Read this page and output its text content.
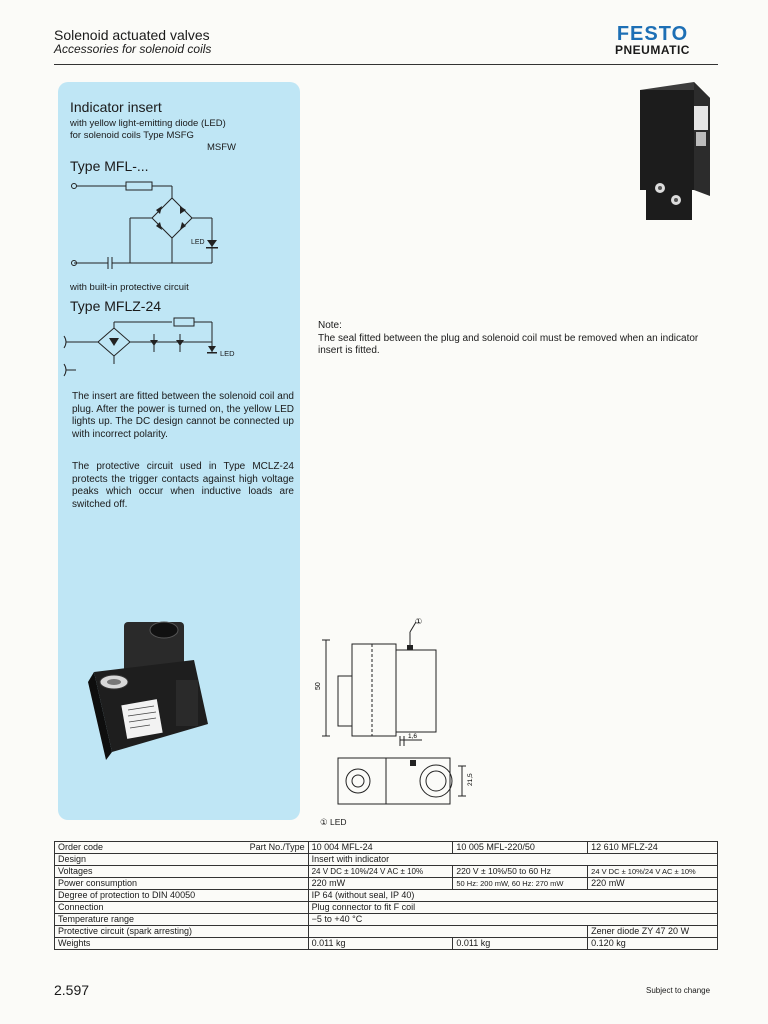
Solenoid actuated valves
Accessories for solenoid coils
FESTO
PNEUMATIC
Indicator insert
with yellow light-emitting diode (LED)
for solenoid coils Type MSFG
MSFW
Type MFL-...
LED
with built-in protective circuit
Type MFLZ-24
LED
The insert are fitted between the solenoid coil and plug. After the power is turned on, the yellow LED lights up. The DC design cannot be connected up with incorrect polarity.
The protective circuit used in Type MCLZ-24 protects the trigger contacts against high voltage peaks which occur when inductive loads are switched off.
Note:
The seal fitted between the plug and solenoid coil must be removed when an indicator insert is fitted.
50
1,6
21,5
①
① LED
Order code Part No./Type	10 004 MFL-24	10 005 MFL-220/50	12 610 MFLZ-24
Design	Insert with indicator		
Voltages	24 V DC ± 10%/24 V AC ± 10%	220 V ± 10%/50 to 60 Hz	24 V DC ± 10%/24 V AC ± 10%
Power consumption	220 mW	50 Hz: 200 mW, 60 Hz: 270 mW	220 mW
Degree of protection to DIN 40050	IP 64 (without seal, IP 40)		
Connection	Plug connector to fit F coil		
Temperature range	−5 to +40 °C		
Protective circuit (spark arresting)			Zener diode ZY 47 20 W
Weights	0.011 kg	0.011 kg	0.120 kg
2.597	Subject to change
